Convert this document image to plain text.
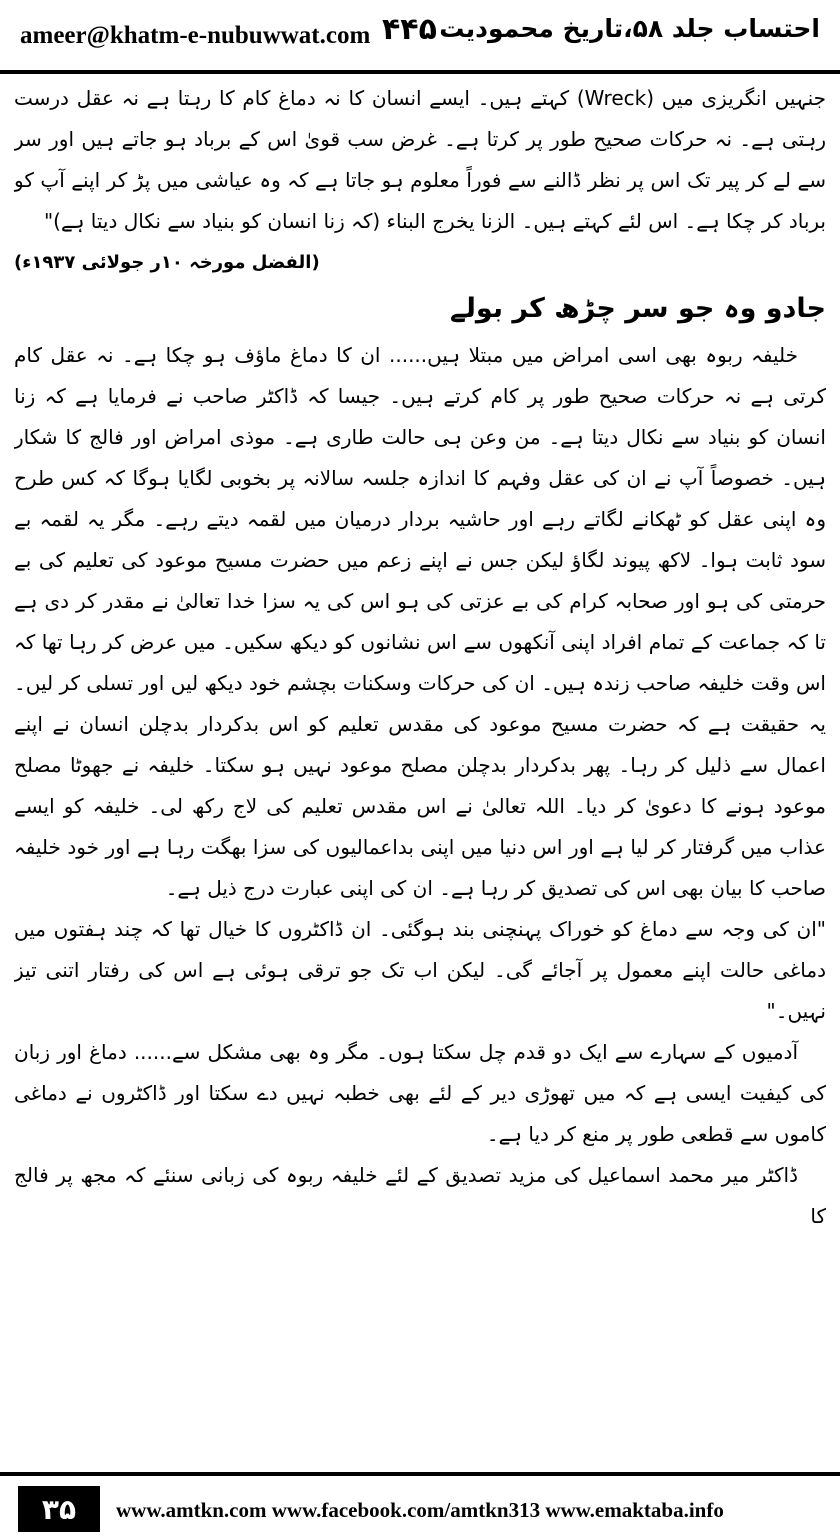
ameer@khatm-e-nubuwwat.com ۴۴۵ احتساب جلد ۵۸،تاریخ محمودیت

جنہیں انگریزی میں (Wreck) کہتے ہیں۔ ایسے انسان کا نہ دماغ کام کا رہتا ہے نہ عقل درست رہتی ہے۔ نہ حرکات صحیح طور پر کرتا ہے۔ غرض سب قویٰ اس کے برباد ہو جاتے ہیں اور سر سے لے کر پیر تک اس پر نظر ڈالنے سے فوراً معلوم ہو جاتا ہے کہ وہ عیاشی میں پڑ کر اپنے آپ کو برباد کر چکا ہے۔ اس لئے کہتے ہیں۔ الزنا یخرج البناء (کہ زنا انسان کو بنیاد سے نکال دیتا ہے)"

(الفضل مورخہ ۱۰ر جولائی ۱۹۳۷ء)
جادو وہ جو سر چڑھ کر بولے

خلیفہ ربوہ بھی اسی امراض میں مبتلا ہیں...... ان کا دماغ ماؤف ہو چکا ہے۔ نہ عقل کام کرتی ہے نہ حرکات صحیح طور پر کام کرتے ہیں۔ جیسا کہ ڈاکٹر صاحب نے فرمایا ہے کہ زنا انسان کو بنیاد سے نکال دیتا ہے۔ من وعن ہی حالت طاری ہے۔ موذی امراض اور فالج کا شکار ہیں۔ خصوصاً آپ نے ان کی عقل وفہم کا اندازہ جلسہ سالانہ پر بخوبی لگایا ہوگا کہ کس طرح وہ اپنی عقل کو ٹھکانے لگاتے رہے اور حاشیہ بردار درمیان میں لقمہ دیتے رہے۔ مگر یہ لقمہ بے سود ثابت ہوا۔ لاکھ پیوند لگاؤ لیکن جس نے اپنے زعم میں حضرت مسیح موعود کی تعلیم کی بے حرمتی کی ہو اور صحابہ کرام کی بے عزتی کی ہو اس کی یہ سزا خدا تعالیٰ نے مقدر کر دی ہے تا کہ جماعت کے تمام افراد اپنی آنکھوں سے اس نشانوں کو دیکھ سکیں۔ میں عرض کر رہا تھا کہ اس وقت خلیفہ صاحب زندہ ہیں۔ ان کی حرکات وسکنات بچشم خود دیکھ لیں اور تسلی کر لیں۔ یہ حقیقت ہے کہ حضرت مسیح موعود کی مقدس تعلیم کو اس بدکردار بدچلن انسان نے اپنے اعمال سے ذلیل کر رہا۔ پھر بدکردار بدچلن مصلح موعود نہیں ہو سکتا۔ خلیفہ نے جھوٹا مصلح موعود ہونے کا دعویٰ کر دیا۔ اللہ تعالیٰ نے اس مقدس تعلیم کی لاج رکھ لی۔ خلیفہ کو ایسے عذاب میں گرفتار کر لیا ہے اور اس دنیا میں اپنی بداعمالیوں کی سزا بھگت رہا ہے اور خود خلیفہ صاحب کا بیان بھی اس کی تصدیق کر رہا ہے۔ ان کی اپنی عبارت درج ذیل ہے۔

"ان کی وجہ سے دماغ کو خوراک پہنچنی بند ہوگئی۔ ان ڈاکٹروں کا خیال تھا کہ چند ہفتوں میں دماغی حالت اپنے معمول پر آجائے گی۔ لیکن اب تک جو ترقی ہوئی ہے اس کی رفتار اتنی تیز نہیں۔"

آدمیوں کے سہارے سے ایک دو قدم چل سکتا ہوں۔ مگر وہ بھی مشکل سے...... دماغ اور زبان کی کیفیت ایسی ہے کہ میں تھوڑی دیر کے لئے بھی خطبہ نہیں دے سکتا اور ڈاکٹروں نے دماغی کاموں سے قطعی طور پر منع کر دیا ہے۔

ڈاکٹر میر محمد اسماعیل کی مزید تصدیق کے لئے خلیفہ ربوہ کی زبانی سنئے کہ مجھ پر فالج کا

۳۵	www.amtkn.com www.facebook.com/amtkn313 www.emaktaba.info
